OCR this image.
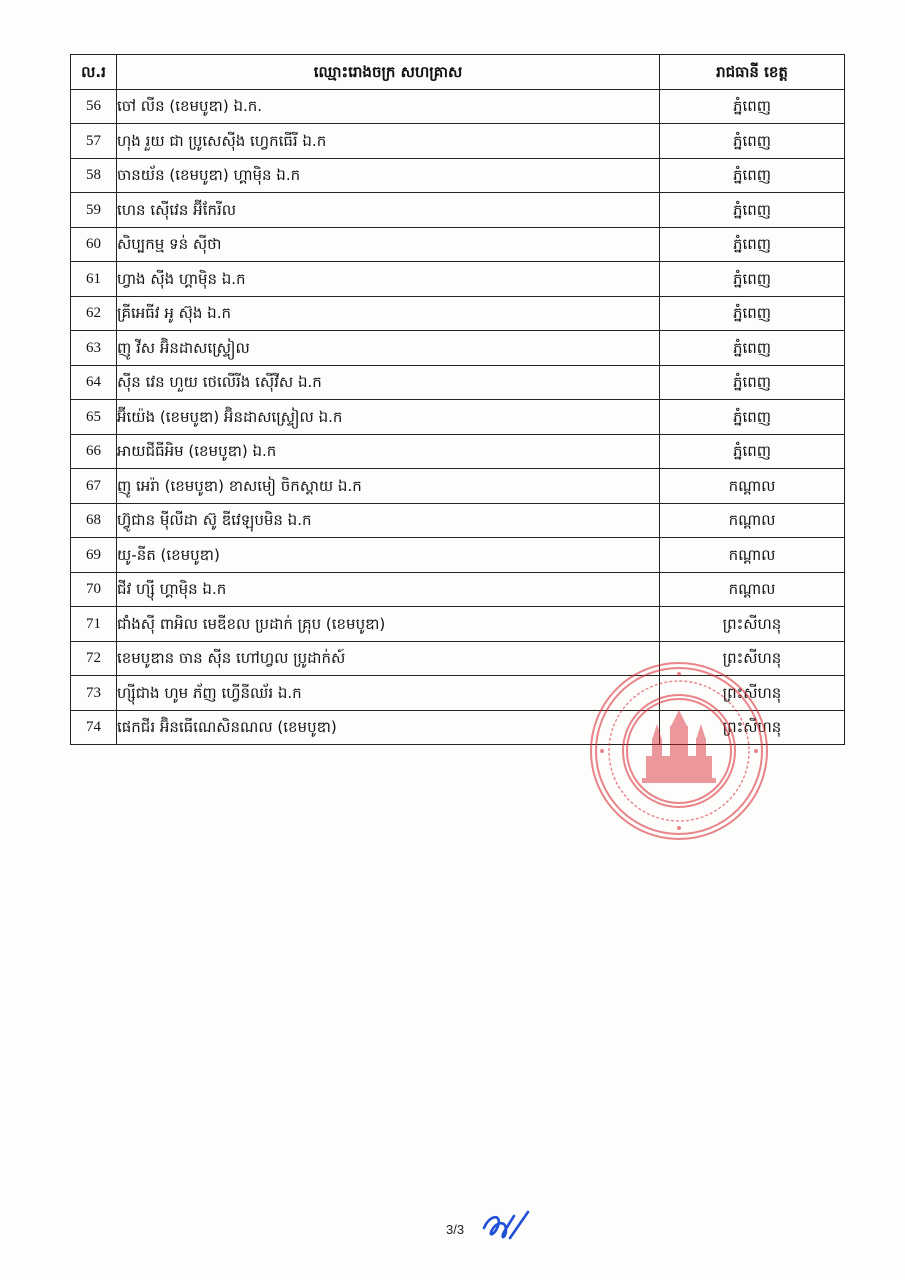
ល.រ	ឈ្មោះរោងចក្រ សហគ្រាស	រាជធានី ខេត្ត
56	ចៅ លីន (ខេមបូឌា) ឯ.ក.	ភ្នំពេញ
57	ហុង រួយ ជា ប្រូសេស៊ីង ហ្វេកធើរី ឯ.ក	ភ្នំពេញ
58	ចានយ័ន (ខេមបូឌា) ហ្គាម៉ិន ឯ.ក	ភ្នំពេញ
59	ហេន ស៊ើវេន អ៊ីកែរីល	ភ្នំពេញ
60	សិប្បកម្ម ទន់ ស៊ីថា	ភ្នំពេញ
61	ហ្វាង ស៊ីង ហ្គាម៉ិន ឯ.ក	ភ្នំពេញ
62	គ្រីអេធីវ អូ ស៊ុង ឯ.ក	ភ្នំពេញ
63	ញូ វីស អ៊ិនដាសស្រ្ទៀល	ភ្នំពេញ
64	ស៊ីន វេន ហួយ ថេលើរីង ស៊ើវីស ឯ.ក	ភ្នំពេញ
65	អ៊ីយ៉េង (ខេមបូឌា) អ៊ិនដាសស្ទ្រៀល ឯ.ក	ភ្នំពេញ
66	អាយជីធីអិម (ខេមបូឌា) ឯ.ក	ភ្នំពេញ
67	ញូ អេរ៉ា (ខេមបូឌា) ខាសមៀ ចិកស្តាយ ឯ.ក	កណ្តាល
68	ហ៊្វូជាន ម៉ីលីដា ស៊ូ ឌីវេឡុបមិន ឯ.ក	កណ្តាល
69	យូ-នីត (ខេមបូឌា)	កណ្តាល
70	ជីវ ហ្សុី ហ្គាម៉ិន ឯ.ក	កណ្តាល
71	ជាំងស៊ី ពាអិល មេឌីខល ប្រដាក់ គ្រុប (ខេមបូឌា)	ព្រះសីហនុ
72	ខេមបូឌាន ចាន ស៊ីន ហៅហ្វល ប្រូដាក់ស៍	ព្រះសីហនុ
73	ហ្សុីជាង ហូម ភ័ញ ហ្វើនីឈ័រ ឯ.ក	ព្រះសីហនុ
74	ផេកជីរ អ៊ិនធើណេសិនណល (ខេមបូឌា)	ព្រះសីហនុ
3/3
